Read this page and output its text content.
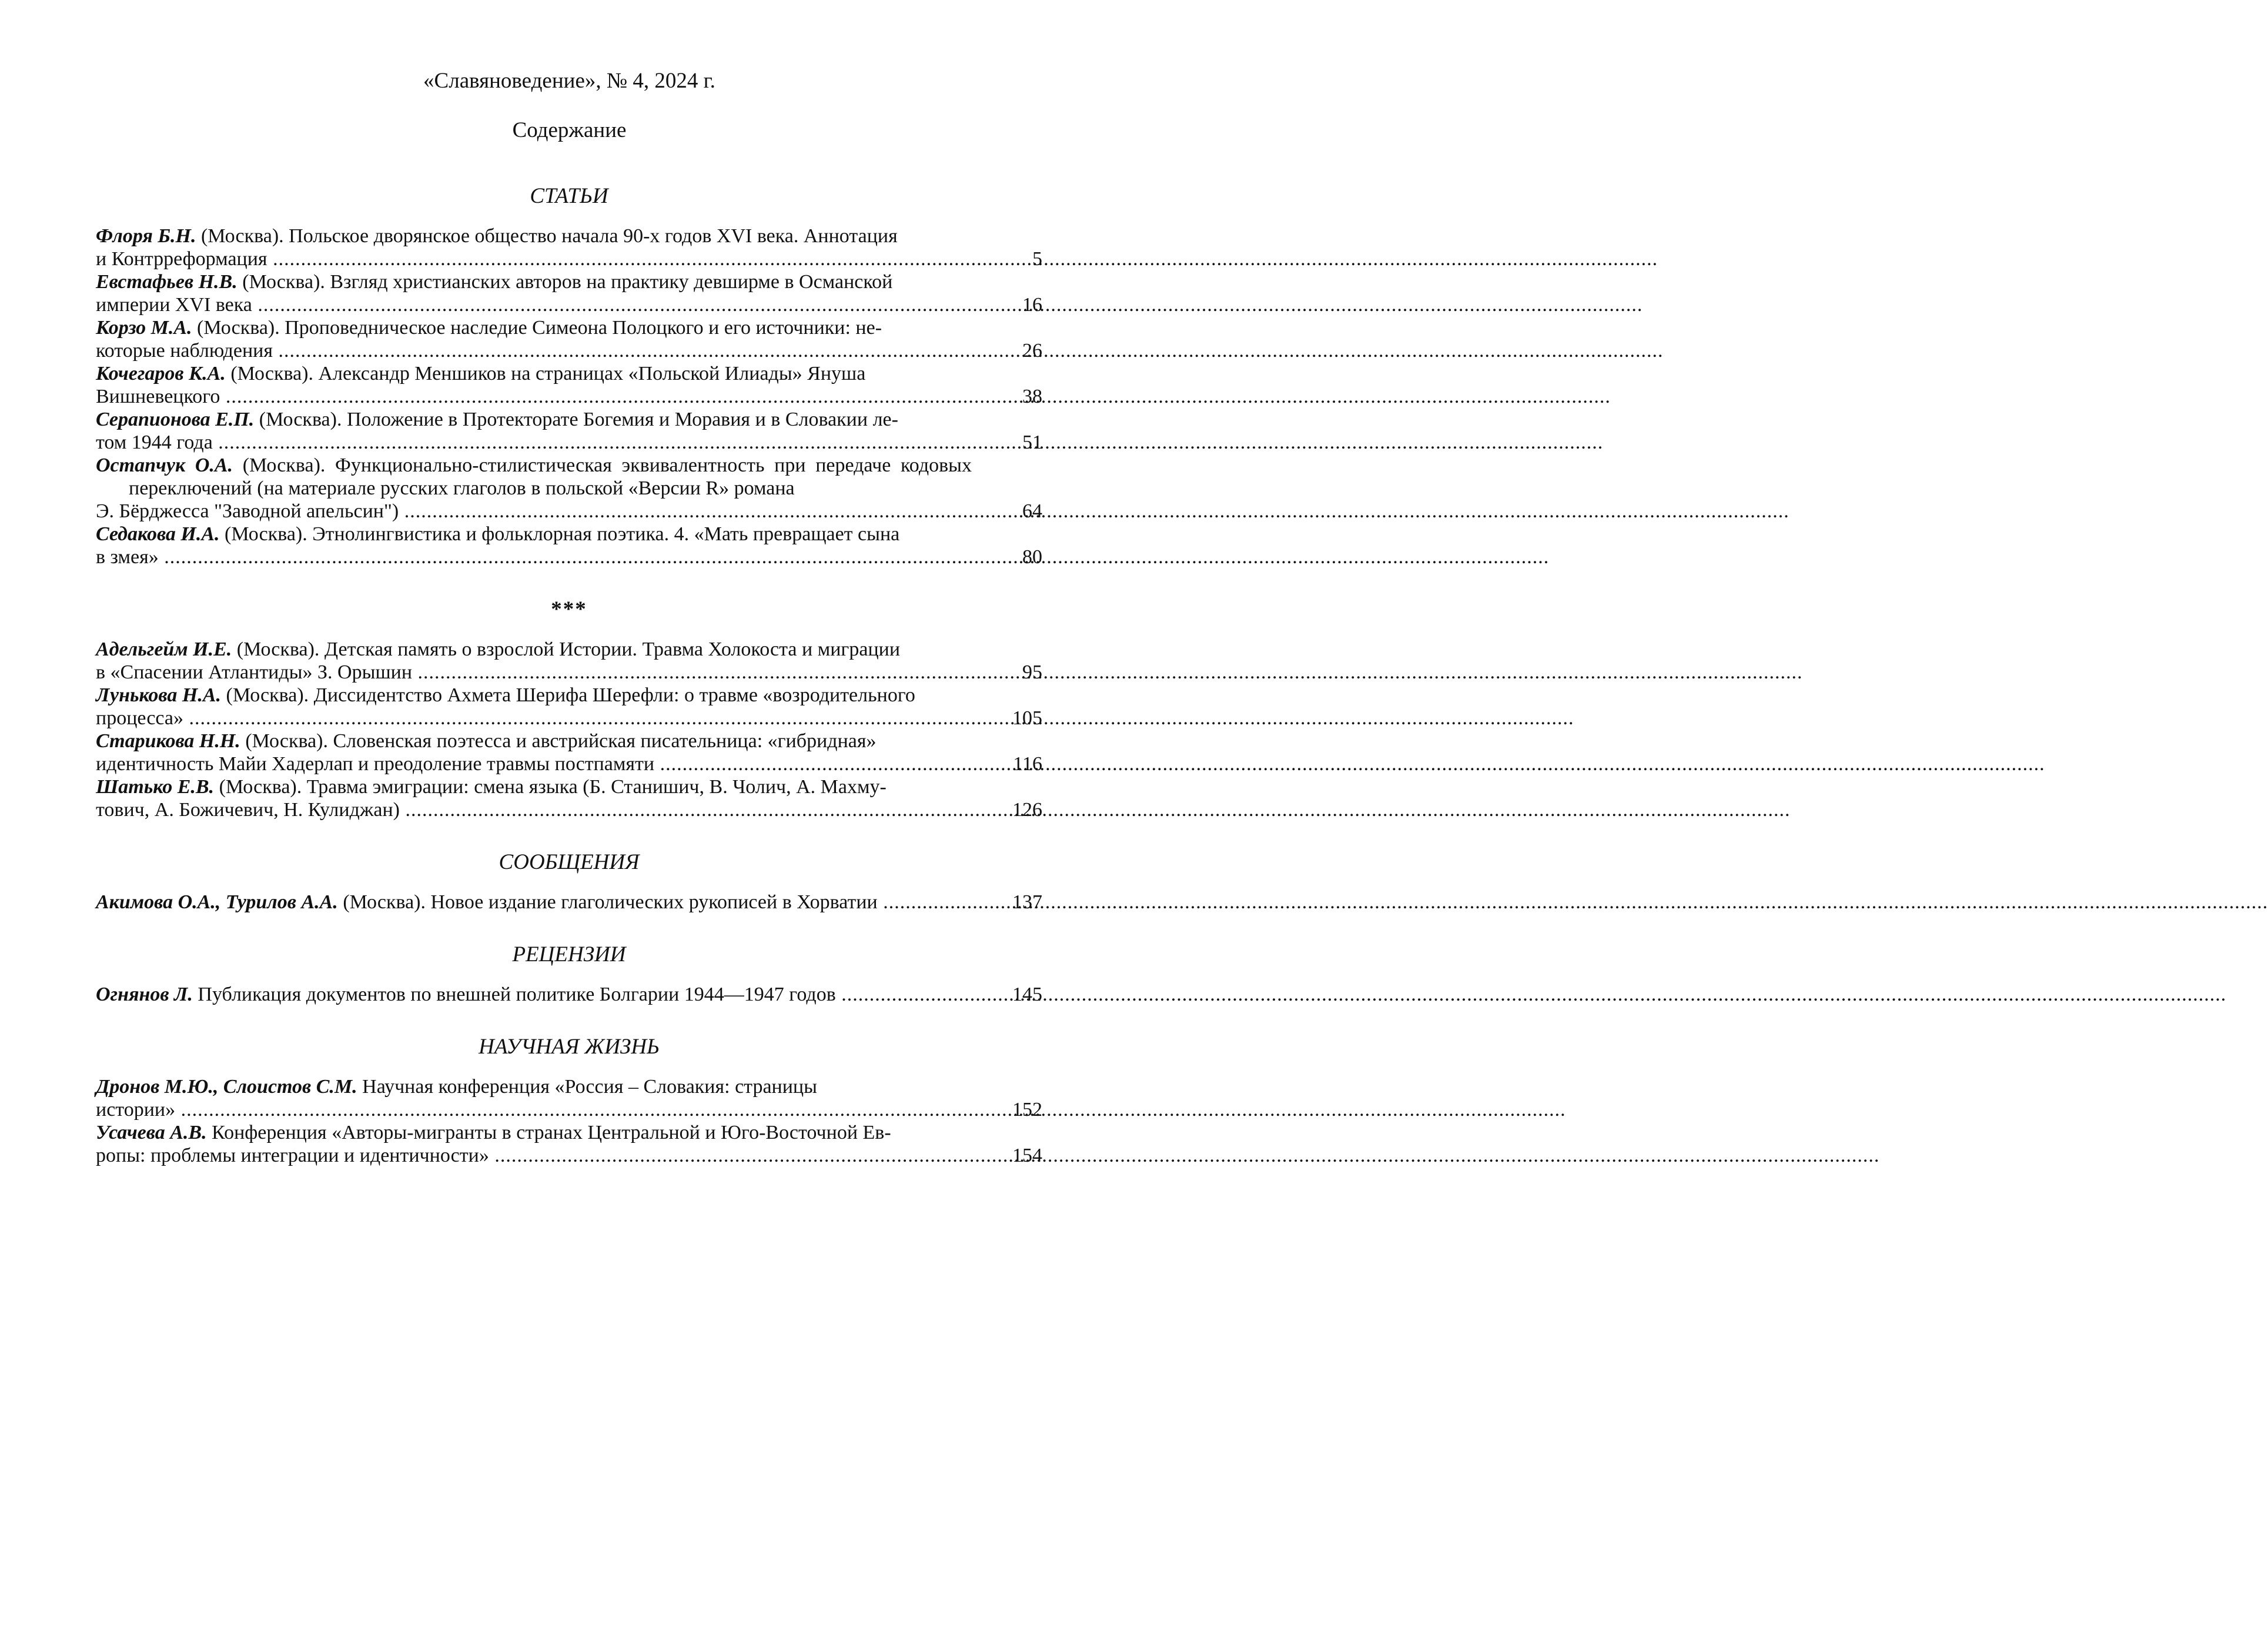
«Славяноведение», № 4, 2024 г.
Содержание
СТАТЬИ
Флоря Б.Н. (Москва). Польское дворянское общество начала 90-х годов XVI века. Аннотация
и Контрреформация .....	5
Евстафьев Н.В. (Москва). Взгляд христианских авторов на практику девширме в Османской
империи XVI века .....	16
Корзо М.А. (Москва). Проповедническое наследие Симеона Полоцкого и его источники: не-
которые наблюдения .....	26
Кочегаров К.А. (Москва). Александр Меншиков на страницах «Польской Илиады» Януша
Вишневецкого .....	38
Серапионова Е.П. (Москва). Положение в Протекторате Богемия и Моравия и в Словакии ле-
том 1944 года .....	51
Остапчук О.А. (Москва). Функционально-стилистическая эквивалентность при передаче кодовых переключений (на материале русских глаголов в польской «Версии R» романа
Э. Бёрджесса "Заводной апельсин") .....	64
Седакова И.А. (Москва). Этнолингвистика и фольклорная поэтика. 4. «Мать превращает сына
в змея» .....	80
***
Адельгейм И.Е. (Москва). Детская память о взрослой Истории. Травма Холокоста и миграции
в «Спасении Атлантиды» З. Орышин .....	95
Лунькова Н.А. (Москва). Диссидентство Ахмета Шерифа Шерефли: о травме «возродительного
процесса» .....	105
Старикова Н.Н. (Москва). Словенская поэтесса и австрийская писательница: «гибридная»
идентичность Майи Хадерлап и преодоление травмы постпамяти .....	116
Шатько Е.В. (Москва). Травма эмиграции: смена языка (Б. Станишич, В. Чолич, А. Махму-
тович, А. Божичевич, Н. Кулиджан) .....	126
СООБЩЕНИЯ
Акимова О.А., Турилов А.А. (Москва). Новое издание глаголических рукописей в Хорватии .....	137
РЕЦЕНЗИИ
Огнянов Л. Публикация документов по внешней политике Болгарии 1944—1947 годов .....	145
НАУЧНАЯ ЖИЗНЬ
Дронов М.Ю., Слоистов С.М. Научная конференция «Россия – Словакия: страницы
истории» .....	152
Усачева А.В. Конференция «Авторы-мигранты в странах Центральной и Юго-Восточной Ев-
ропы: проблемы интеграции и идентичности» .....	154
